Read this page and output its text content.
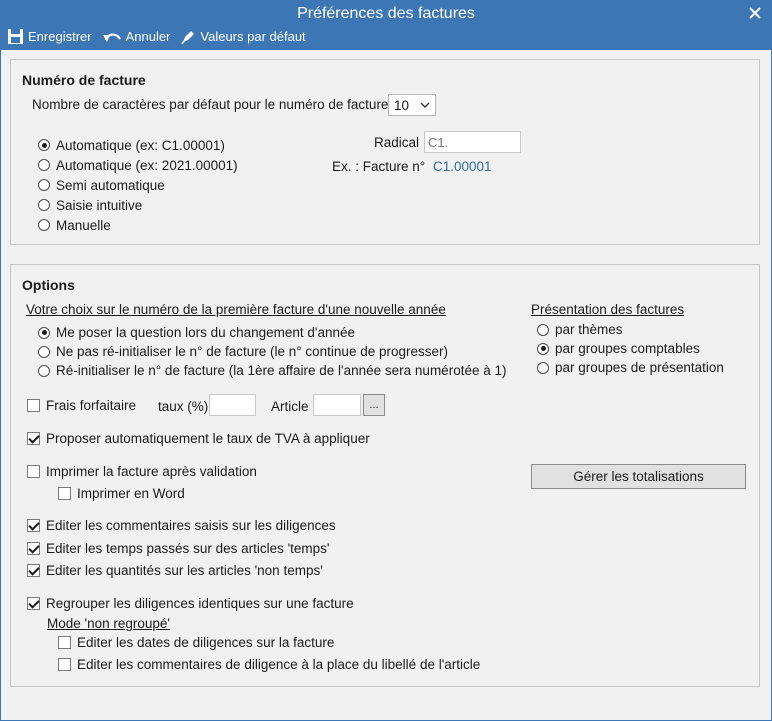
Préférences des factures
Enregistrer	Annuler Valeurs par défaut
Numéro de facture
Nombre de caractères par défaut pour le numéro de facture 10
Automatique (ex: C1.00001)
Automatique (ex: 2021.00001)
Semi automatique
Saisie intuitive
Manuelle
Radical
C1.
Ex. : Facture n° C1.00001
Options
Votre choix sur le numéro de la première facture d'une nouvelle année
Me poser la question lors du changement d'année
Ne pas ré-initialiser le n° de facture (le n° continue de progresser)
Ré-initialiser le n° de facture (la 1ère affaire de l'année sera numérotée à 1)
Présentation des factures
par thèmes
par groupes comptables
par groupes de présentation
Frais forfaitaire taux (%)	Article	...
Proposer automatiquement le taux de TVA à appliquer
Imprimer la facture après validation
Imprimer en Word
Gérer les totalisations
Editer les commentaires saisis sur les diligences
Editer les temps passés sur des articles 'temps'
Editer les quantités sur les articles 'non temps'
Regrouper les diligences identiques sur une facture
Mode 'non regroupé'
Editer les dates de diligences sur la facture
Editer les commentaires de diligence à la place du libellé de l'article
